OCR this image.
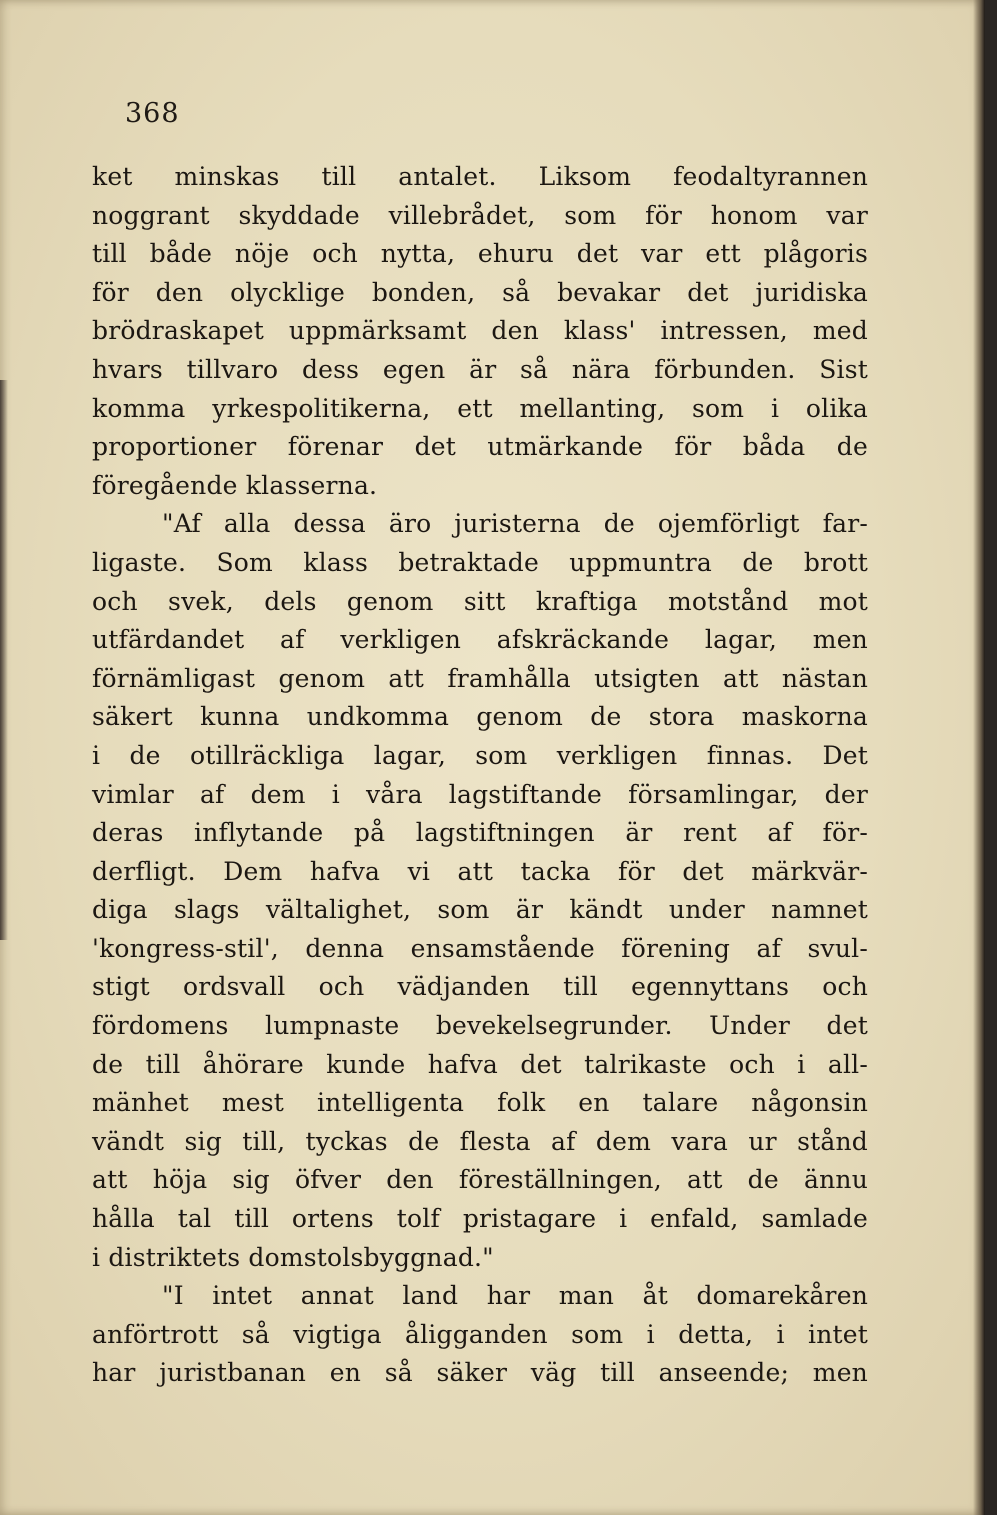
368

ket minskas till antalet. Liksom feodaltyrannen
noggrant skyddade villebrådet, som för honom var
till både nöje och nytta, ehuru det var ett plågoris
för den olycklige bonden, så bevakar det juridiska
brödraskapet uppmärksamt den klass' intressen, med
hvars tillvaro dess egen är så nära förbunden. Sist
komma yrkespolitikerna, ett mellanting, som i olika
proportioner förenar det utmärkande för båda de
föregående klasserna.
"Af alla dessa äro juristerna de ojemförligt far-
ligaste. Som klass betraktade uppmuntra de brott
och svek, dels genom sitt kraftiga motstånd mot
utfärdandet af verkligen afskräckande lagar, men
förnämligast genom att framhålla utsigten att nästan
säkert kunna undkomma genom de stora maskorna
i de otillräckliga lagar, som verkligen finnas. Det
vimlar af dem i våra lagstiftande församlingar, der
deras inflytande på lagstiftningen är rent af för-
derfligt. Dem hafva vi att tacka för det märkvär-
diga slags vältalighet, som är kändt under namnet
'kongress-stil', denna ensamstående förening af svul-
stigt ordsvall och vädjanden till egennyttans och
fördomens lumpnaste bevekelsegrunder. Under det
de till åhörare kunde hafva det talrikaste och i all-
mänhet mest intelligenta folk en talare någonsin
vändt sig till, tyckas de flesta af dem vara ur stånd
att höja sig öfver den föreställningen, att de ännu
hålla tal till ortens tolf pristagare i enfald, samlade
i distriktets domstolsbyggnad."
"I intet annat land har man åt domarekåren
anförtrott så vigtiga åligganden som i detta, i intet
har juristbanan en så säker väg till anseende; men
